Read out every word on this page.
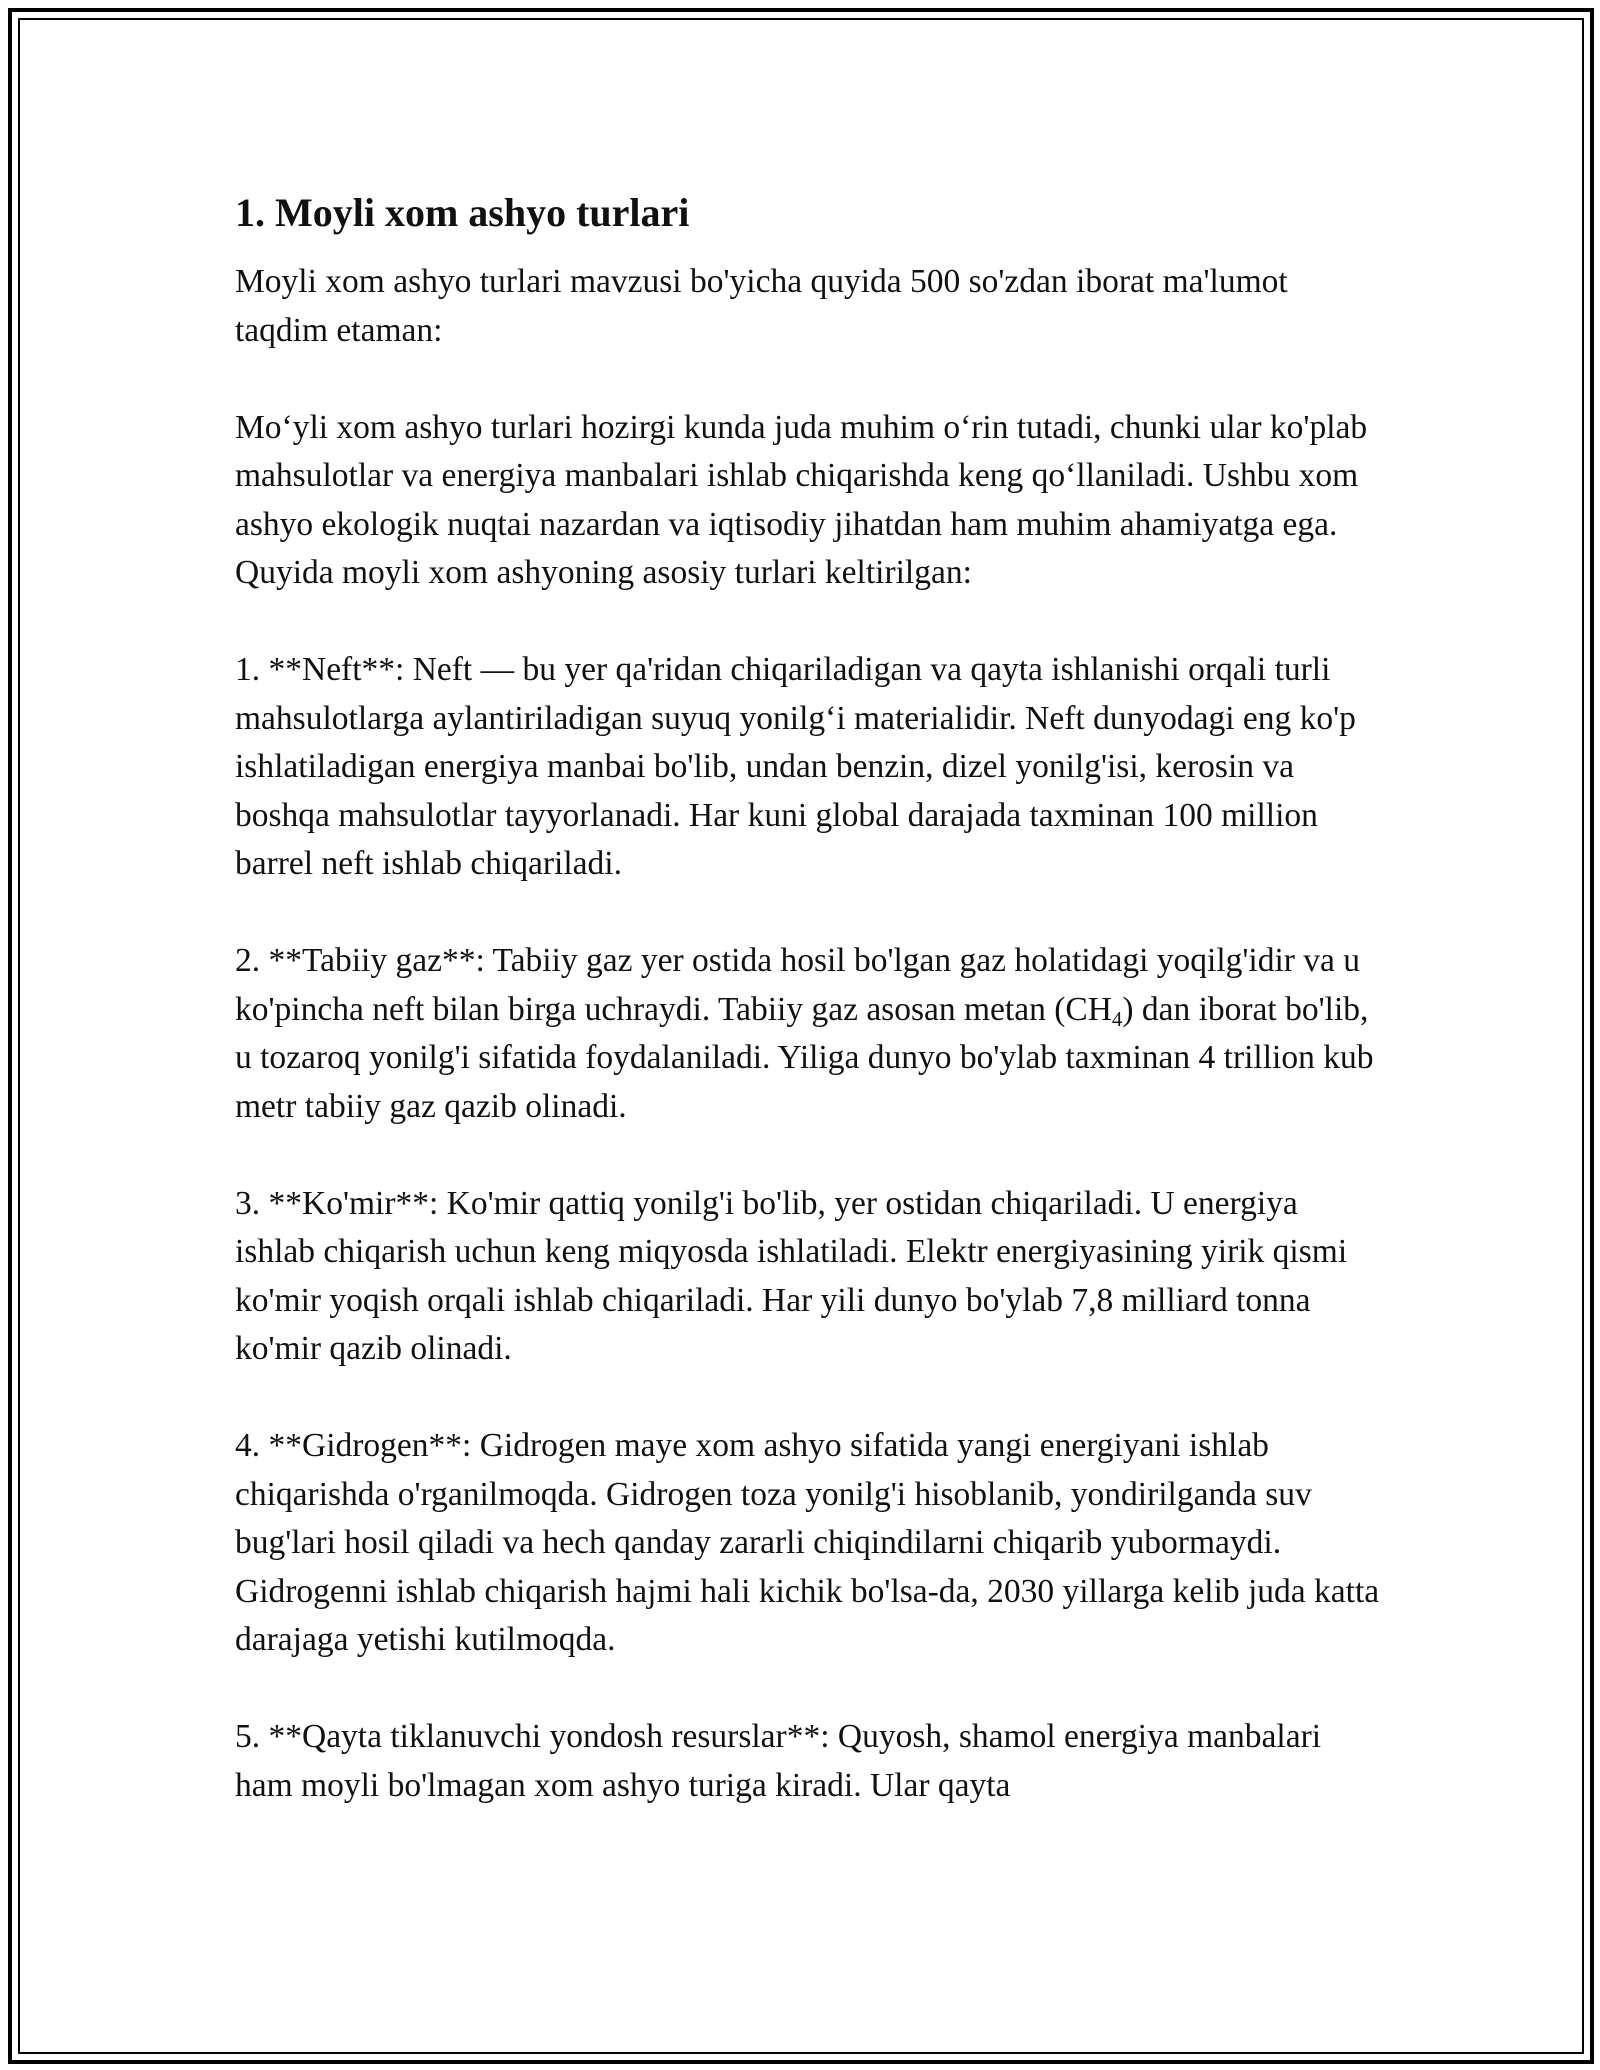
1. Moyli xom ashyo turlari

Moyli xom ashyo turlari mavzusi bo'yicha quyida 500 so'zdan iborat ma'lumot taqdim etaman:

Mo‘yli xom ashyo turlari hozirgi kunda juda muhim o‘rin tutadi, chunki ular ko'plab mahsulotlar va energiya manbalari ishlab chiqarishda keng qo‘llaniladi. Ushbu xom ashyo ekologik nuqtai nazardan va iqtisodiy jihatdan ham muhim ahamiyatga ega. Quyida moyli xom ashyoning asosiy turlari keltirilgan:

1. **Neft**: Neft — bu yer qa'ridan chiqariladigan va qayta ishlanishi orqali turli mahsulotlarga aylantiriladigan suyuq yonilg‘i materialidir. Neft dunyodagi eng ko'p ishlatiladigan energiya manbai bo'lib, undan benzin, dizel yonilg'isi, kerosin va boshqa mahsulotlar tayyorlanadi. Har kuni global darajada taxminan 100 million barrel neft ishlab chiqariladi.

2. **Tabiiy gaz**: Tabiiy gaz yer ostida hosil bo'lgan gaz holatidagi yoqilg'idir va u ko'pincha neft bilan birga uchraydi. Tabiiy gaz asosan metan $(CH_4)$ dan iborat bo'lib, u tozaroq yonilg'i sifatida foydalaniladi. Yiliga dunyo bo'ylab taxminan 4 trillion kub metr tabiiy gaz qazib olinadi.

3. **Ko'mir**: Ko'mir qattiq yonilg'i bo'lib, yer ostidan chiqariladi. U energiya ishlab chiqarish uchun keng miqyosda ishlatiladi. Elektr energiyasining yirik qismi ko'mir yoqish orqali ishlab chiqariladi. Har yili dunyo bo'ylab 7,8 milliard tonna ko'mir qazib olinadi.

4. **Gidrogen**: Gidrogen maye xom ashyo sifatida yangi energiyani ishlab chiqarishda o'rganilmoqda. Gidrogen toza yonilg'i hisoblanib, yondirilganda suv bug'lari hosil qiladi va hech qanday zararli chiqindilarni chiqarib yubormaydi. Gidrogenni ishlab chiqarish hajmi hali kichik bo'lsa-da, 2030 yillarga kelib juda katta darajaga yetishi kutilmoqda.

5. **Qayta tiklanuvchi yondosh resurslar**: Quyosh, shamol energiya manbalari ham moyli bo'lmagan xom ashyo turiga kiradi. Ular qayta
